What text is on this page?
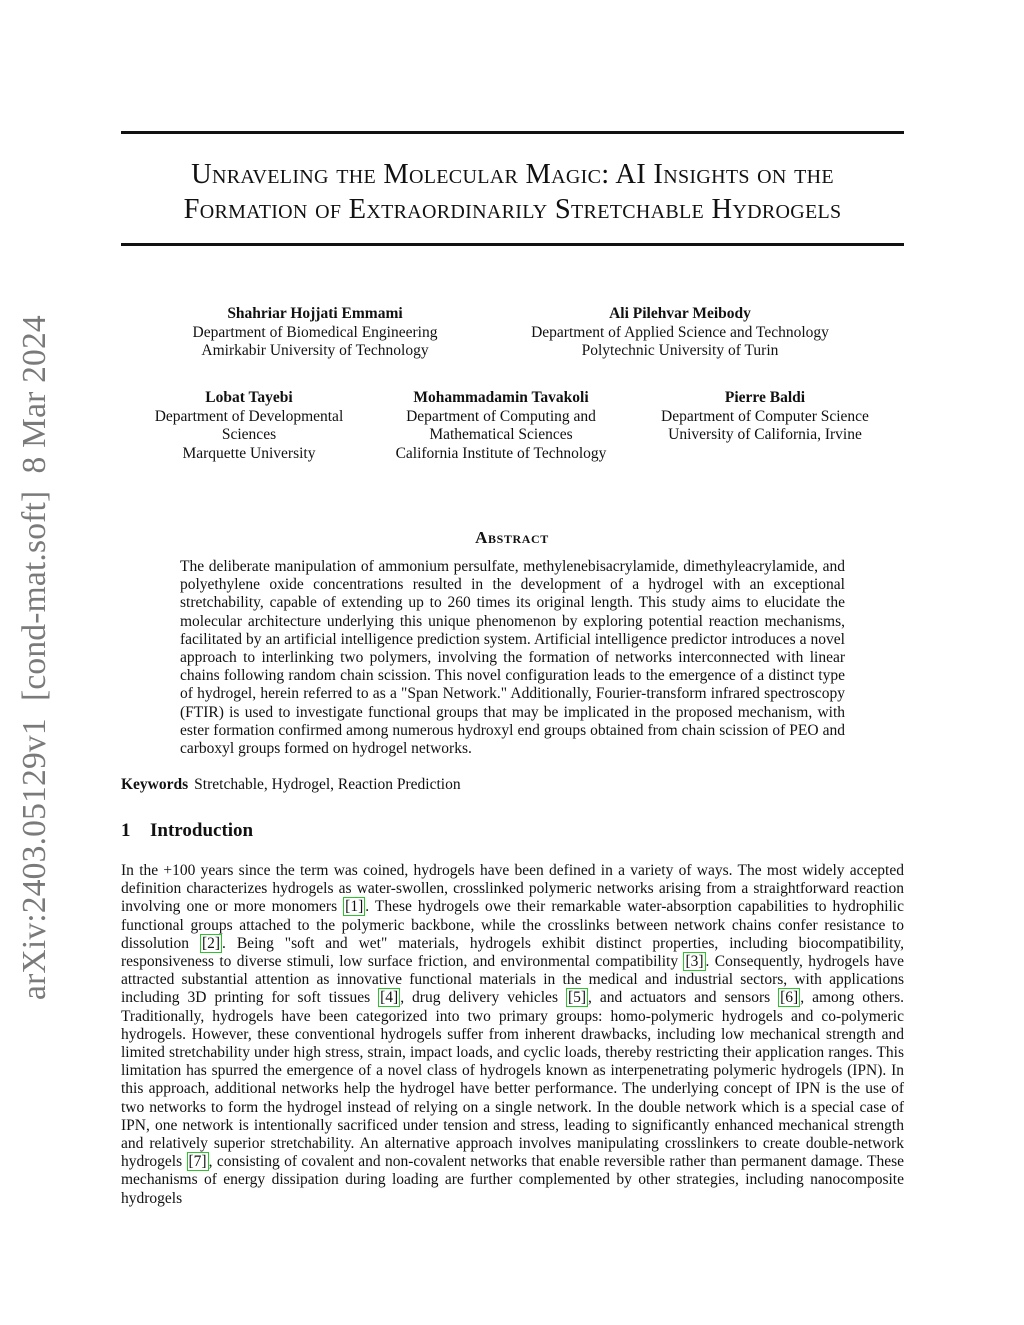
arXiv:2403.05129v1  [cond-mat.soft]  8 Mar 2024
Unraveling the Molecular Magic: AI Insights on the
Formation of Extraordinarily Stretchable Hydrogels
Shahriar Hojjati Emmami
Department of Biomedical Engineering
Amirkabir University of Technology
Ali Pilehvar Meibody
Department of Applied Science and Technology
Polytechnic University of Turin
Lobat Tayebi
Department of Developmental
Sciences
Marquette University
Mohammadamin Tavakoli
Department of Computing and
Mathematical Sciences
California Institute of Technology
Pierre Baldi
Department of Computer Science
University of California, Irvine
Abstract
The deliberate manipulation of ammonium persulfate, methylenebisacrylamide, dimethyleacrylamide, and polyethylene oxide concentrations resulted in the development of a hydrogel with an exceptional stretchability, capable of extending up to 260 times its original length. This study aims to elucidate the molecular architecture underlying this unique phenomenon by exploring potential reaction mechanisms, facilitated by an artificial intelligence prediction system. Artificial intelligence predictor introduces a novel approach to interlinking two polymers, involving the formation of networks interconnected with linear chains following random chain scission. This novel configuration leads to the emergence of a distinct type of hydrogel, herein referred to as a "Span Network." Additionally, Fourier-transform infrared spectroscopy (FTIR) is used to investigate functional groups that may be implicated in the proposed mechanism, with ester formation confirmed among numerous hydroxyl end groups obtained from chain scission of PEO and carboxyl groups formed on hydrogel networks.
Keywords Stretchable, Hydrogel, Reaction Prediction
1 Introduction
In the +100 years since the term was coined, hydrogels have been defined in a variety of ways. The most widely accepted definition characterizes hydrogels as water-swollen, crosslinked polymeric networks arising from a straightforward reaction involving one or more monomers [1] . These hydrogels owe their remarkable water-absorption capabilities to hydrophilic functional groups attached to the polymeric backbone, while the crosslinks between network chains confer resistance to dissolution [2] . Being "soft and wet" materials, hydrogels exhibit distinct properties, including biocompatibility, responsiveness to diverse stimuli, low surface friction, and environmental compatibility [3] . Consequently, hydrogels have attracted substantial attention as innovative functional materials in the medical and industrial sectors, with applications including 3D printing for soft tissues [4] , drug delivery vehicles [5] , and actuators and sensors [6] , among others. Traditionally, hydrogels have been categorized into two primary groups: homo-polymeric hydrogels and co-polymeric hydrogels. However, these conventional hydrogels suffer from inherent drawbacks, including low mechanical strength and limited stretchability under high stress, strain, impact loads, and cyclic loads, thereby restricting their application ranges. This limitation has spurred the emergence of a novel class of hydrogels known as interpenetrating polymeric hydrogels (IPN). In this approach, additional networks help the hydrogel have better performance. The underlying concept of IPN is the use of two networks to form the hydrogel instead of relying on a single network. In the double network which is a special case of IPN, one network is intentionally sacrificed under tension and stress, leading to significantly enhanced mechanical strength and relatively superior stretchability. An alternative approach involves manipulating crosslinkers to create double-network hydrogels [7] , consisting of covalent and non-covalent networks that enable reversible rather than permanent damage. These mechanisms of energy dissipation during loading are further complemented by other strategies, including nanocomposite hydrogels
